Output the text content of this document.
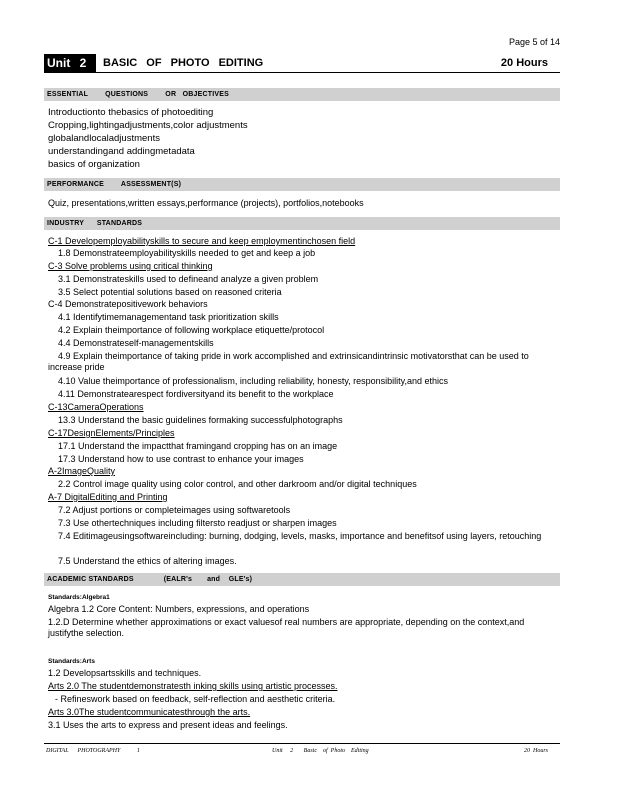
Page 5 of 14
Unit 2	BASIC OF PHOTO EDITING	20 Hours
ESSENTIAL        QUESTIONS        OR   OBJECTIVES
Introductionto thebasics of photoediting
Cropping,lightingadjustments,color adjustments
globalandlocaladjustments
understandingand addingmetadata
basics of organization
PERFORMANCE        ASSESSMENT(S)
Quiz, presentations,written essays,performance (projects), portfolios,notebooks
INDUSTRY      STANDARDS
C-1 Developemployabilityskills to secure and keep employmentinchosen field
1.8 Demonstrateemployabilityskills needed to get and keep a job
C-3 Solve problems using critical thinking
3.1 Demonstrateskills used to defineand analyze a given problem
3.5 Select potential solutions based on reasoned criteria
C-4 Demonstratepositivework behaviors
4.1 Identifytimemanagementand task prioritization skills
4.2 Explain theimportance of following workplace etiquette/protocol
4.4 Demonstrateself-managementskills
4.9 Explain theimportance of taking pride in work accomplished and extrinsicandintrinsic motivatorsthat can be used to increase pride
4.10 Value theimportance of professionalism, including reliability, honesty, responsibility,and ethics
4.11 Demonstratearespect fordiversityand its benefit to the workplace
C-13CameraOperations
13.3 Understand the basic guidelines formaking successfulphotographs
C-17DesignElements/Principles
17.1 Understand the impactthat framingand cropping has on an image
17.3 Understand how to use contrast to enhance your images
A-2ImageQuality
2.2 Control image quality using color control, and other darkroom and/or digital techniques
A-7 DigitalEditing and Printing
7.2 Adjust portions or completeimages using softwaretools
7.3 Use othertechniques including filtersto readjust or sharpen images
7.4 Editimageusingsoftwareincluding: burning, dodging, levels, masks, importance and benefitsof using layers, retouching
7.5 Understand the ethics of altering images.
ACADEMIC STANDARDS              (EALR's       and    GLE's)
Standards:Algebra1
Algebra 1.2 Core Content: Numbers, expressions, and operations
1.2.D Determine whether approximations or exact valuesof real numbers are appropriate, depending on the context,and justifythe selection.
Standards:Arts
1.2 Developsartsskills and techniques.
Arts 2.0 The studentdemonstratesth inking skills using artistic processes.
- Refineswork based on feedback, self-reflection and aesthetic criteria.
Arts 3.0The studentcommunicatesthrough the arts.
3.1 Uses the arts to express and present ideas and feelings.
DIGITAL      PHOTOGRAPHY           1	Unit     2       Basic    of  Photo    Editing	20  Hours
